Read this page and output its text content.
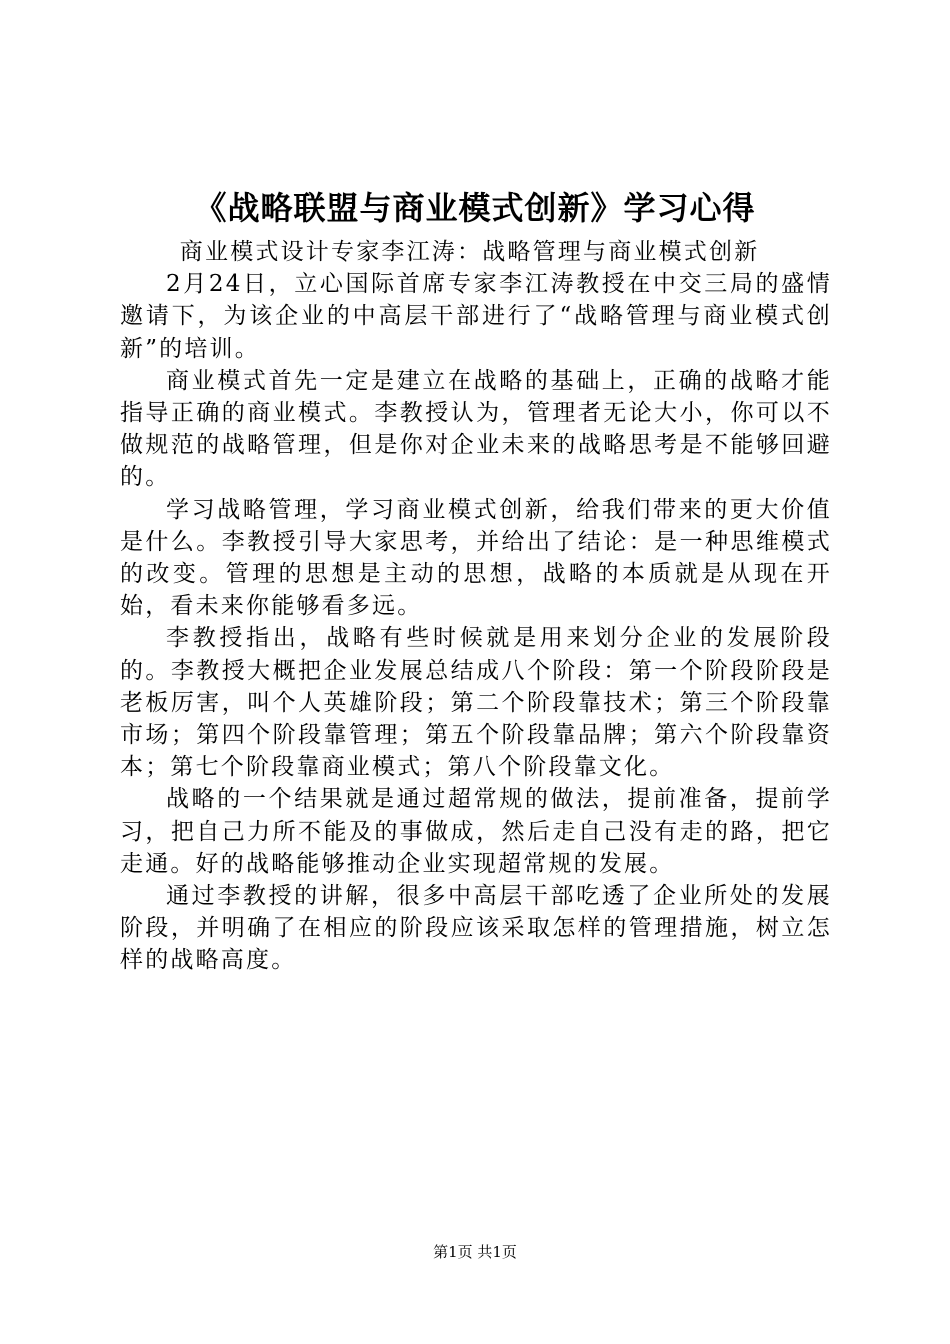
《战略联盟与商业模式创新》学习心得

商业模式设计专家李江涛：战略管理与商业模式创新

2月24日，立心国际首席专家李江涛教授在中交三局的盛情邀请下，为该企业的中高层干部进行了“战略管理与商业模式创新”的培训。

商业模式首先一定是建立在战略的基础上，正确的战略才能指导正确的商业模式。李教授认为，管理者无论大小，你可以不做规范的战略管理，但是你对企业未来的战略思考是不能够回避的。

学习战略管理，学习商业模式创新，给我们带来的更大价值是什么。李教授引导大家思考，并给出了结论：是一种思维模式的改变。管理的思想是主动的思想，战略的本质就是从现在开始，看未来你能够看多远。

李教授指出，战略有些时候就是用来划分企业的发展阶段的。李教授大概把企业发展总结成八个阶段：第一个阶段阶段是老板厉害，叫个人英雄阶段；第二个阶段靠技术；第三个阶段靠市场；第四个阶段靠管理；第五个阶段靠品牌；第六个阶段靠资本；第七个阶段靠商业模式；第八个阶段靠文化。

战略的一个结果就是通过超常规的做法，提前准备，提前学习，把自己力所不能及的事做成，然后走自己没有走的路，把它走通。好的战略能够推动企业实现超常规的发展。

通过李教授的讲解，很多中高层干部吃透了企业所处的发展阶段，并明确了在相应的阶段应该采取怎样的管理措施，树立怎样的战略高度。

第1页 共1页
